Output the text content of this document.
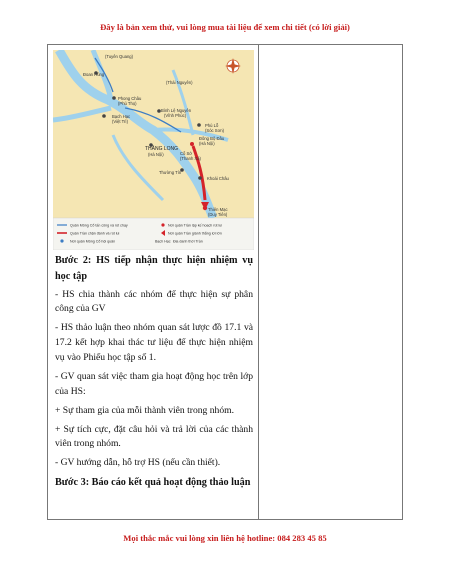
Đây là bản xem thử, vui lòng mua tài liệu để xem chi tiết (có lời giải)
(Tuyên Quang)
Đoan Hùng
(Thái Nguyên)
Phong Châu
(Phú Thọ)
Bình Lệ Nguyên
(Vĩnh Phúc)
Bạch Hạc
(Việt Trì)
Phù Lỗ
(Sóc Sơn)
Đông Bộ Đầu
(Hà Nội)
THĂNG LONG
(Hà Nội)	Cổ Sở
(Thanh Xá)
Thường Tín
Khoái Châu
Thiên Mạc
(Duy Tiên)
Quân Mông Cổ tấn công và rút chạy
Quân Trần chặn đánh và rút lui
Nơi quân Mông Cổ hội quân
Nơi quân Trần lập kế hoạch rút lui
Nơi quân Trần giành thắng lợi lớn
Bạch Hạc Địa danh thời Trần

Bước 2: HS tiếp nhận thực hiện nhiệm vụ học tập

- HS chia thành các nhóm để thực hiện sự phân công của GV

- HS thảo luận theo nhóm quan sát lược đồ 17.1 và 17.2 kết hợp khai thác tư liệu để thực hiện nhiệm vụ vào Phiếu học tập số 1.

- GV quan sát việc tham gia hoạt động học trên lớp của HS:

+ Sự tham gia của mỗi thành viên trong nhóm.

+ Sự tích cực, đặt câu hỏi và trả lời của các thành viên trong nhóm.

- GV hướng dẫn, hỗ trợ HS (nếu cần thiết).

Bước 3: Báo cáo kết quả hoạt động thảo luận

Mọi thắc mắc vui lòng xin liên hệ hotline: 084 283 45 85
